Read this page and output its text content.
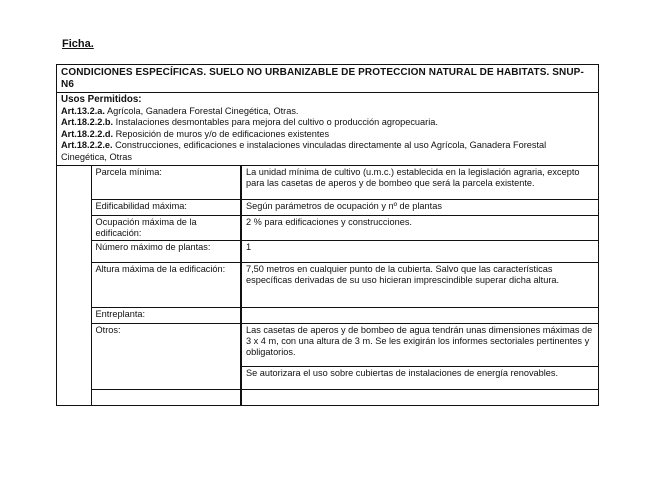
Ficha.
CONDICIONES ESPECÍFICAS. SUELO NO URBANIZABLE DE PROTECCION NATURAL DE HABITATS. SNUP-N6
Usos Permitidos:
Art.13.2.a. Agrícola, Ganadera Forestal Cinegética, Otras.
Art.18.2.2.b. Instalaciones desmontables para mejora del cultivo o producción agropecuaria.
Art.18.2.2.d. Reposición de muros y/o de edificaciones existentes
Art.18.2.2.e. Construcciones, edificaciones e instalaciones vinculadas directamente al uso Agrícola, Ganadera Forestal Cinegética, Otras
	Parcela mínima:	La unidad mínima de cultivo (u.m.c.) establecida en la legislación agraria, excepto para las casetas de aperos y de bombeo que será la parcela existente.
	Edificabilidad máxima:	Según parámetros de ocupación y nº de plantas
	Ocupación máxima de la edificación:	2 % para edificaciones y construcciones.
	Número máximo de plantas:	1
	Altura máxima de la edificación:	7,50 metros en cualquier punto de la cubierta. Salvo que las características específicas derivadas de su uso hicieran imprescindible superar dicha altura.
	Entreplanta:	
	Otros:	Las casetas de aperos y de bombeo de agua tendrán unas dimensiones máximas de 3 x 4 m, con una altura de 3 m. Se les exigirán los informes sectoriales pertinentes y obligatorios.
		Se autorizara el uso sobre cubiertas de instalaciones de energía renovables.
